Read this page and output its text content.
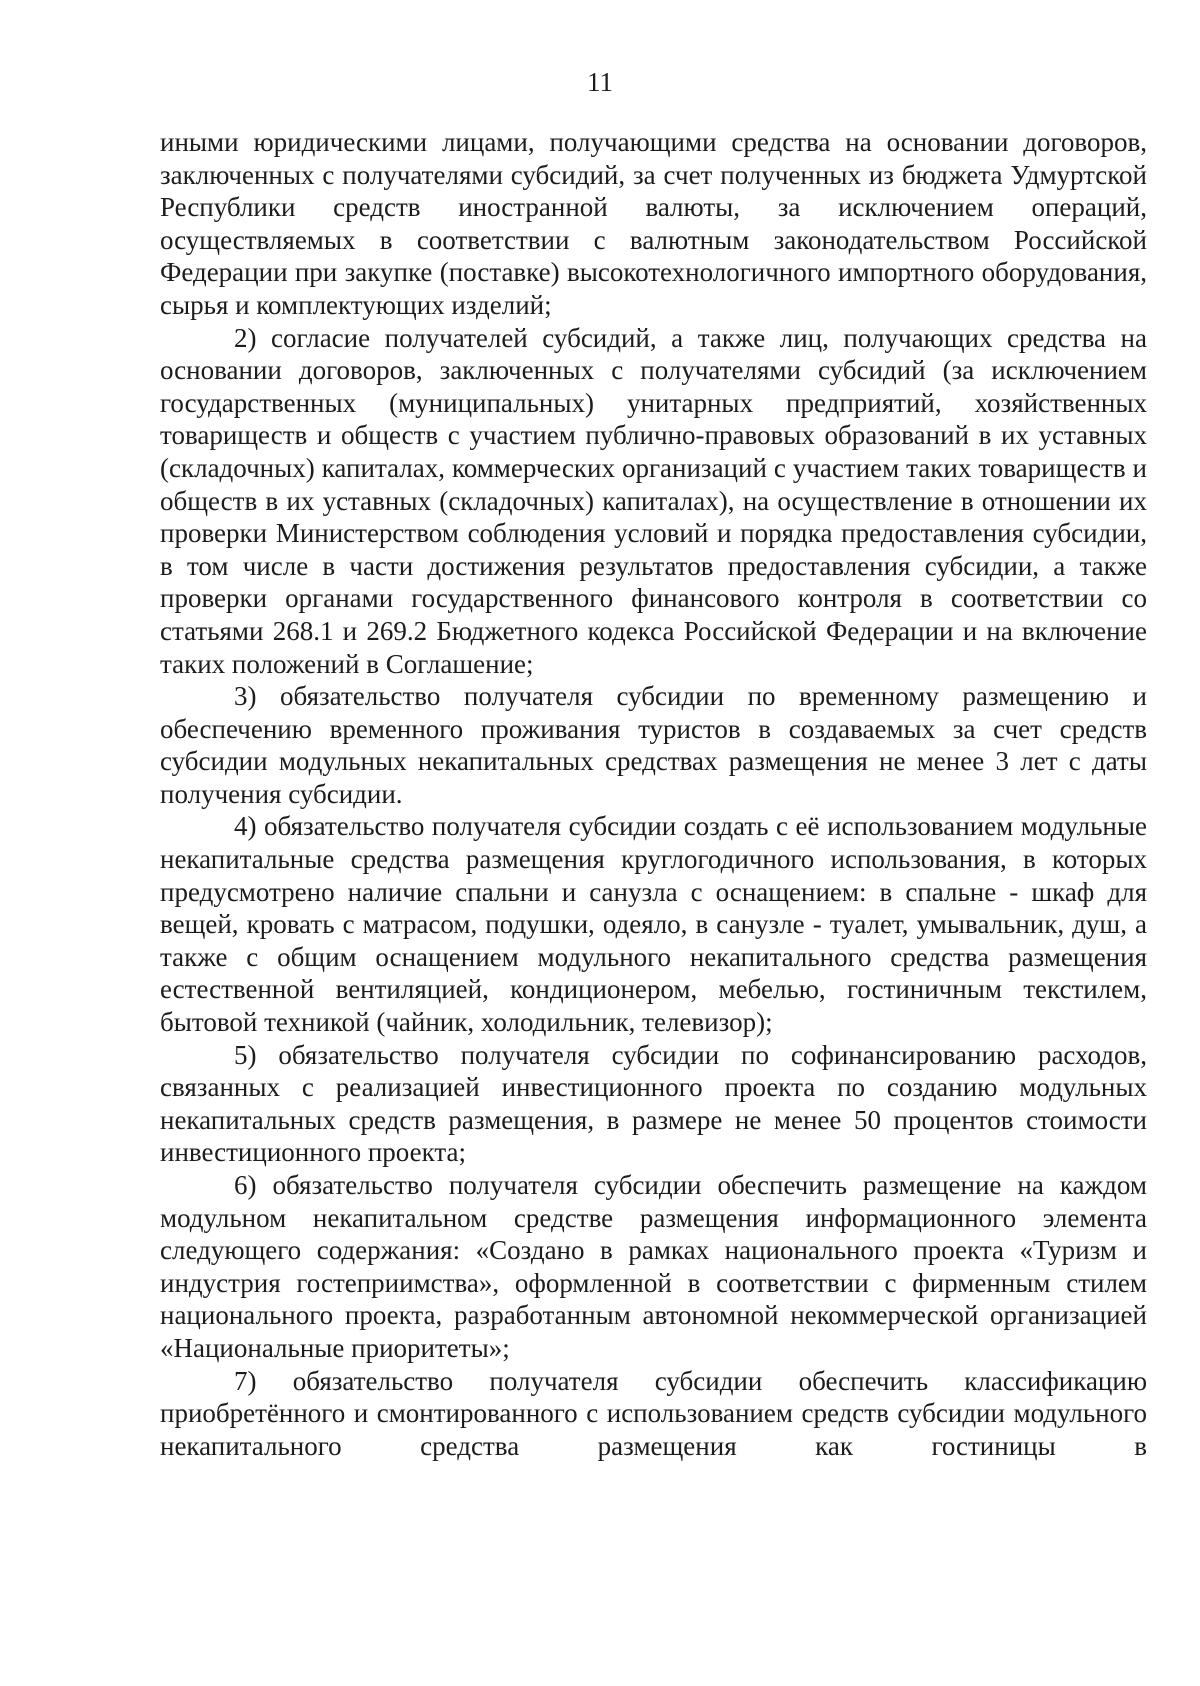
11

иными юридическими лицами, получающими средства на основании договоров, заключенных с получателями субсидий, за счет полученных из бюджета Удмуртской Республики средств иностранной валюты, за исключением операций, осуществляемых в соответствии с валютным законодательством Российской Федерации при закупке (поставке) высокотехнологичного импортного оборудования, сырья и комплектующих изделий;

2) согласие получателей субсидий, а также лиц, получающих средства на основании договоров, заключенных с получателями субсидий (за исключением государственных (муниципальных) унитарных предприятий, хозяйственных товариществ и обществ с участием публично-правовых образований в их уставных (складочных) капиталах, коммерческих организаций с участием таких товариществ и обществ в их уставных (складочных) капиталах), на осуществление в отношении их проверки Министерством соблюдения условий и порядка предоставления субсидии, в том числе в части достижения результатов предоставления субсидии, а также проверки органами государственного финансового контроля в соответствии со статьями 268.1 и 269.2 Бюджетного кодекса Российской Федерации и на включение таких положений в Соглашение;

3) обязательство получателя субсидии по временному размещению и обеспечению временного проживания туристов в создаваемых за счет средств субсидии модульных некапитальных средствах размещения не менее 3 лет с даты получения субсидии.

4) обязательство получателя субсидии создать с её использованием модульные некапитальные средства размещения круглогодичного использования, в которых предусмотрено наличие спальни и санузла с оснащением: в спальне - шкаф для вещей, кровать с матрасом, подушки, одеяло, в санузле - туалет, умывальник, душ, а также с общим оснащением модульного некапитального средства размещения естественной вентиляцией, кондиционером, мебелью, гостиничным текстилем, бытовой техникой (чайник, холодильник, телевизор);

5) обязательство получателя субсидии по софинансированию расходов, связанных с реализацией инвестиционного проекта по созданию модульных некапитальных средств размещения, в размере не менее 50 процентов стоимости инвестиционного проекта;

6) обязательство получателя субсидии обеспечить размещение на каждом модульном некапитальном средстве размещения информационного элемента следующего содержания: «Создано в рамках национального проекта «Туризм и индустрия гостеприимства», оформленной в соответствии с фирменным стилем национального проекта, разработанным автономной некоммерческой организацией «Национальные приоритеты»;

7) обязательство получателя субсидии обеспечить классификацию приобретённого и смонтированного с использованием средств субсидии модульного некапитального средства размещения как гостиницы в
